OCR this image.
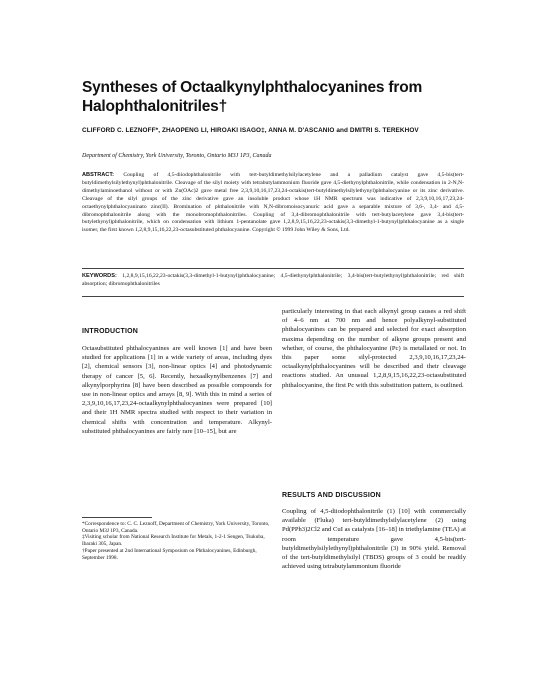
Syntheses of Octaalkynylphthalocyanines from Halophthalonitriles†
CLIFFORD C. LEZNOFF*, ZHAOPENG LI, HIROAKI ISAGO‡, ANNA M. D'ASCANIO and DMITRI S. TEREKHOV
Department of Chemistry, York University, Toronto, Ontario M3J 1P3, Canada
ABSTRACT: Coupling of 4,5-diiodophthalonitrile with tert-butyldimethylsilylacetylene and a palladium catalyst gave 4,5-bis(tert-butyldimethylsilylethynyl)phthalonitrile. Cleavage of the silyl moiety with tetrabutylammonium fluoride gave 4,5-diethynylphthalonitrile, while condensation in 2-N,N-dimethylaminoethanol without or with Zn(OAc)2 gave metal free 2,3,9,10,16,17,23,24-octakis(tert-butyldimethylsilylethynyl)phthalocyanine or its zinc derivative. Cleavage of the silyl groups of the zinc derivative gave an insoluble product whose 1H NMR spectrum was indicative of 2,3,9,10,16,17,23,24-octaethynylphthalocyaninato zinc(II). Bromination of phthalonitrile with N,N-dibromoisocyanuric acid gave a separable mixture of 3,6-, 3,4- and 4,5-dibromophthalonitrile along with the monobromophthalonitriles. Coupling of 3,4-dibromophthalonitrile with tert-butylacetylene gave 3,4-bis(tert-butylethynyl)phthalonitrile, which on condensation with lithium 1-pentanolate gave 1,2,8,9,15,16,22,23-octakis(3,3-dimethyl-1-butynyl)phthalocyanine as a single isomer, the first known 1,2,8,9,15,16,22,23-octasubstituted phthalocyanine. Copyright © 1999 John Wiley & Sons, Ltd.
KEYWORDS: 1,2,8,9,15,16,22,23-octakis(3,3-dimethyl-1-butynyl)phthalocyanine; 4,5-diethynylphthalonitrile; 3,4-bis(tert-butylethynyl)phthalonitrile; red shift absorption; dibromophthalonitriles
INTRODUCTION
Octasubstituted phthalocyanines are well known [1] and have been studied for applications [1] in a wide variety of areas, including dyes [2], chemical sensors [3], non-linear optics [4] and photodynamic therapy of cancer [5, 6]. Recently, hexaalkynylbenzenes [7] and alkynylporphyrins [8] have been described as possible compounds for use in non-linear optics and arrays [8, 9]. With this in mind a series of 2,3,9,10,16,17,23,24-octaalkynylphthalocyanines were prepared [10] and their 1H NMR spectra studied with respect to their variation in chemical shifts with concentration and temperature. Alkynyl-substituted phthalocyanines are fairly rare [10–15], but are
particularly interesting in that each alkynyl group causes a red shift of 4–6 nm at 700 nm and hence polyalkynyl-substituted phthalocyanines can be prepared and selected for exact absorption maxima depending on the number of alkyne groups present and whether, of course, the phthalocyanine (Pc) is metallated or not. In this paper some silyl-protected 2,3,9,10,16,17,23,24-octaalkynylphthalocyanines will be described and their cleavage reactions studied. An unusual 1,2,8,9,15,16,22,23-octasubstituted phthalocyanine, the first Pc with this substitution pattern, is outlined.
RESULTS AND DISCUSSION
Coupling of 4,5-diiodophthalonitrile (1) [10] with commercially available (Fluka) tert-butyldimethylsilylacetylene (2) using Pd(PPh3)2Cl2 and CuI as catalysts [16–18] in triethylamine (TEA) at room temperature gave 4,5-bis(tert-butyldimethylsilylethynyl)phthalonitrile (3) in 90% yield. Removal of the tert-butyldimethylsilyl (TBDS) groups of 3 could be readily achieved using tetrabutylammonium fluoride
*Correspondence to: C. C. Leznoff, Department of Chemistry, York University, Toronto, Ontario M3J 1P3, Canada.
‡Visiting scholar from National Research Institute for Metals, 1-2-1 Sengen, Tsukuba, Ibaraki 305, Japan.
†Paper presented at 2nd International Symposium on Phthalocyanines, Edinburgh, September 1998.
